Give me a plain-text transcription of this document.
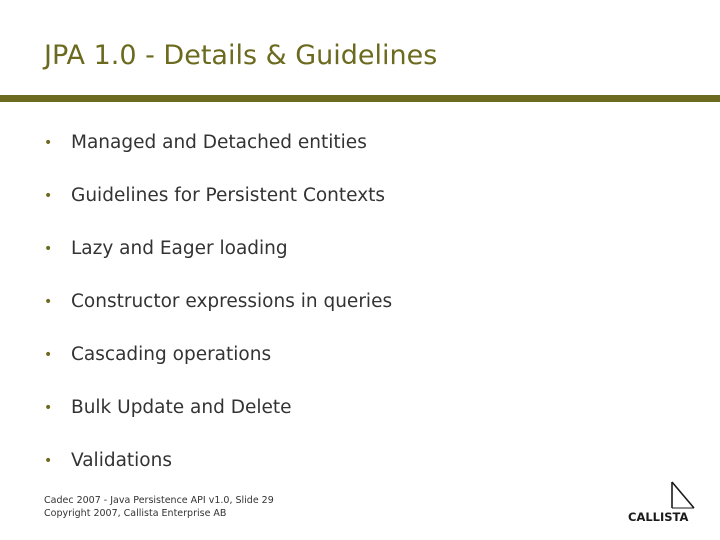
JPA 1.0 - Details & Guidelines
•	Managed and Detached entities
•	Guidelines for Persistent Contexts
•	Lazy and Eager loading
•	Constructor expressions in queries
•	Cascading operations
•	Bulk Update and Delete
•	Validations
Cadec 2007 - Java Persistence API v1.0, Slide 29
Copyright 2007, Callista Enterprise AB	CALLISTA
